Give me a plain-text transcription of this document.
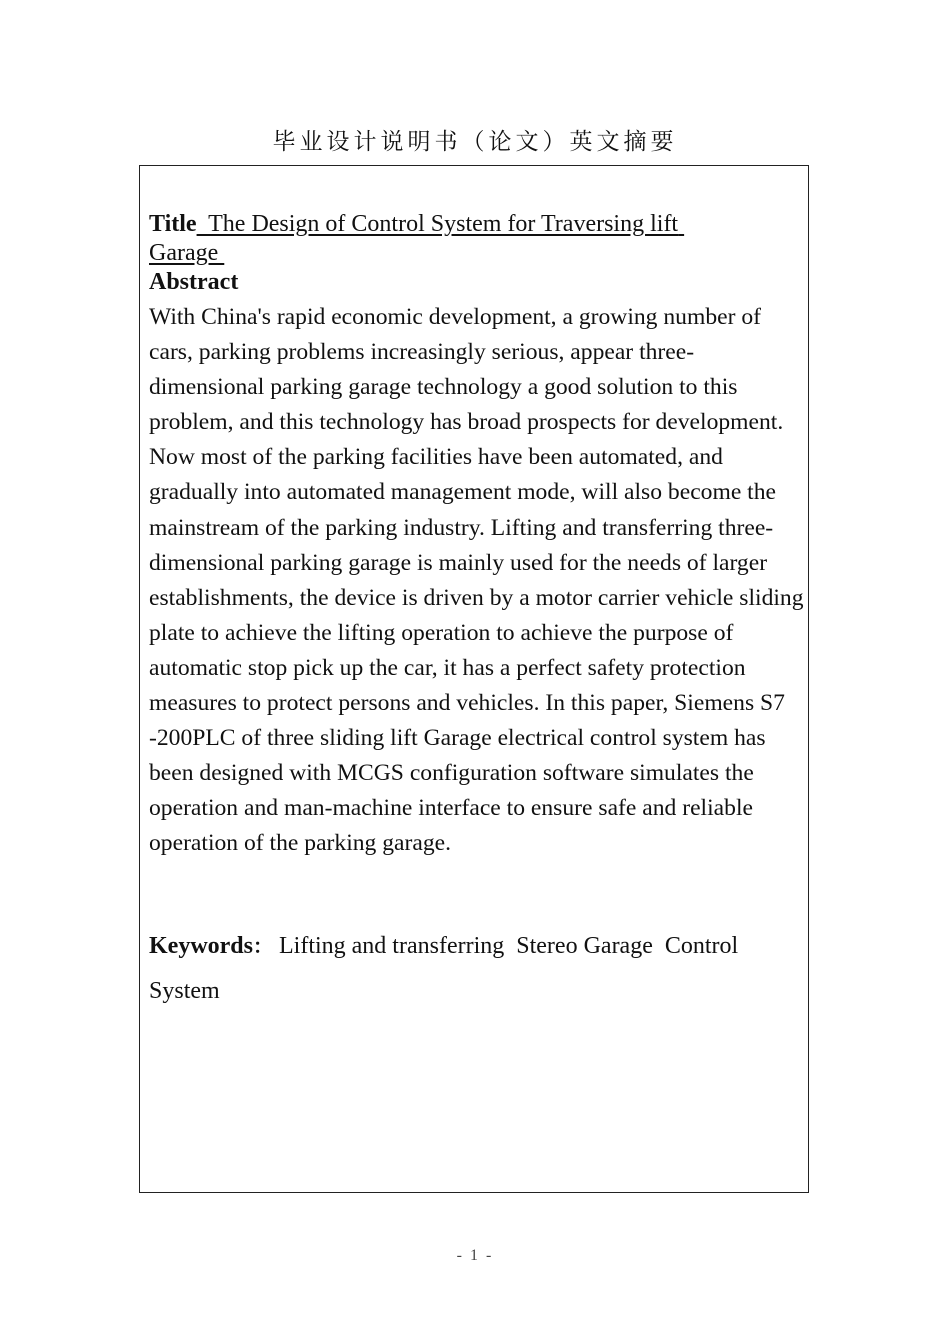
毕业设计说明书（论文）英文摘要
Title  The Design of Control System for Traversing lift Garage
Abstract

With China's rapid economic development, a growing number of cars, parking problems increasingly serious, appear three-dimensional parking garage technology a good solution to this problem, and this technology has broad prospects for development. Now most of the parking facilities have been automated, and gradually into automated management mode, will also become the mainstream of the parking industry. Lifting and transferring three-dimensional parking garage is mainly used for the needs of larger establishments, the device is driven by a motor carrier vehicle sliding plate to achieve the lifting operation to achieve the purpose of automatic stop pick up the car, it has a perfect safety protection measures to protect persons and vehicles. In this paper, Siemens S7 -200PLC of three sliding lift Garage electrical control system has been designed with MCGS configuration software simulates the operation and man-machine interface to ensure safe and reliable operation of the parking garage.

Keywords： Lifting and transferring Stereo Garage Control System
- 1 -
